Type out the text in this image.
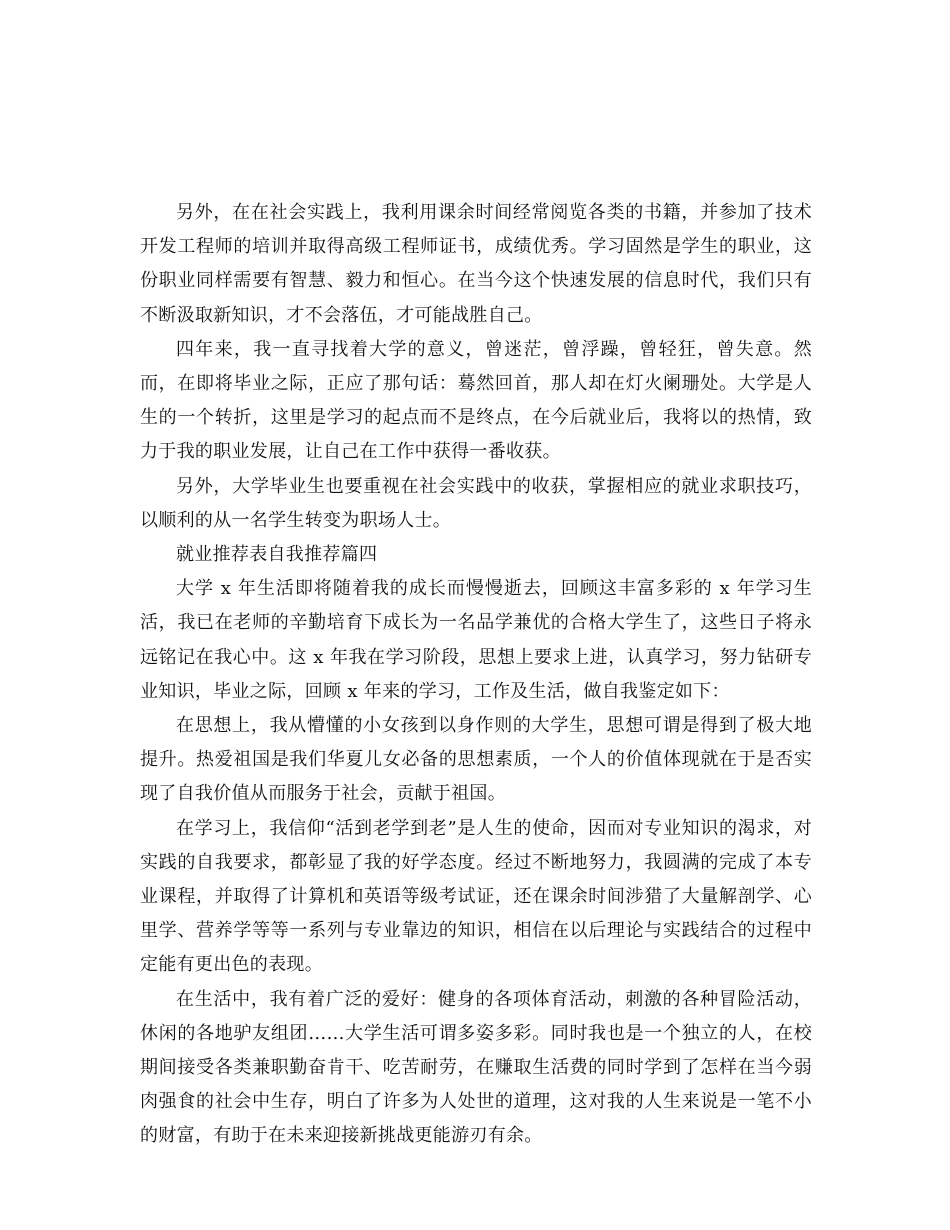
另外，在在社会实践上，我利用课余时间经常阅览各类的书籍，并参加了技术开发工程师的培训并取得高级工程师证书，成绩优秀。学习固然是学生的职业，这份职业同样需要有智慧、毅力和恒心。在当今这个快速发展的信息时代，我们只有不断汲取新知识，才不会落伍，才可能战胜自己。

四年来，我一直寻找着大学的意义，曾迷茫，曾浮躁，曾轻狂，曾失意。然而，在即将毕业之际，正应了那句话：蓦然回首，那人却在灯火阑珊处。大学是人生的一个转折，这里是学习的起点而不是终点，在今后就业后，我将以的热情，致力于我的职业发展，让自己在工作中获得一番收获。

另外，大学毕业生也要重视在社会实践中的收获，掌握相应的就业求职技巧，以顺利的从一名学生转变为职场人士。

就业推荐表自我推荐篇四

大学 x 年生活即将随着我的成长而慢慢逝去，回顾这丰富多彩的 x 年学习生活，我已在老师的辛勤培育下成长为一名品学兼优的合格大学生了，这些日子将永远铭记在我心中。这 x 年我在学习阶段，思想上要求上进，认真学习，努力钻研专业知识，毕业之际，回顾 x 年来的学习，工作及生活，做自我鉴定如下：

在思想上，我从懵懂的小女孩到以身作则的大学生，思想可谓是得到了极大地提升。热爱祖国是我们华夏儿女必备的思想素质，一个人的价值体现就在于是否实现了自我价值从而服务于社会，贡献于祖国。

在学习上，我信仰“活到老学到老”是人生的使命，因而对专业知识的渴求，对实践的自我要求，都彰显了我的好学态度。经过不断地努力，我圆满的完成了本专业课程，并取得了计算机和英语等级考试证，还在课余时间涉猎了大量解剖学、心里学、营养学等等一系列与专业靠边的知识，相信在以后理论与实践结合的过程中定能有更出色的表现。

在生活中，我有着广泛的爱好：健身的各项体育活动，刺激的各种冒险活动，休闲的各地驴友组团……大学生活可谓多姿多彩。同时我也是一个独立的人，在校期间接受各类兼职勤奋肯干、吃苦耐劳，在赚取生活费的同时学到了怎样在当今弱肉强食的社会中生存，明白了许多为人处世的道理，这对我的人生来说是一笔不小的财富，有助于在未来迎接新挑战更能游刃有余。
